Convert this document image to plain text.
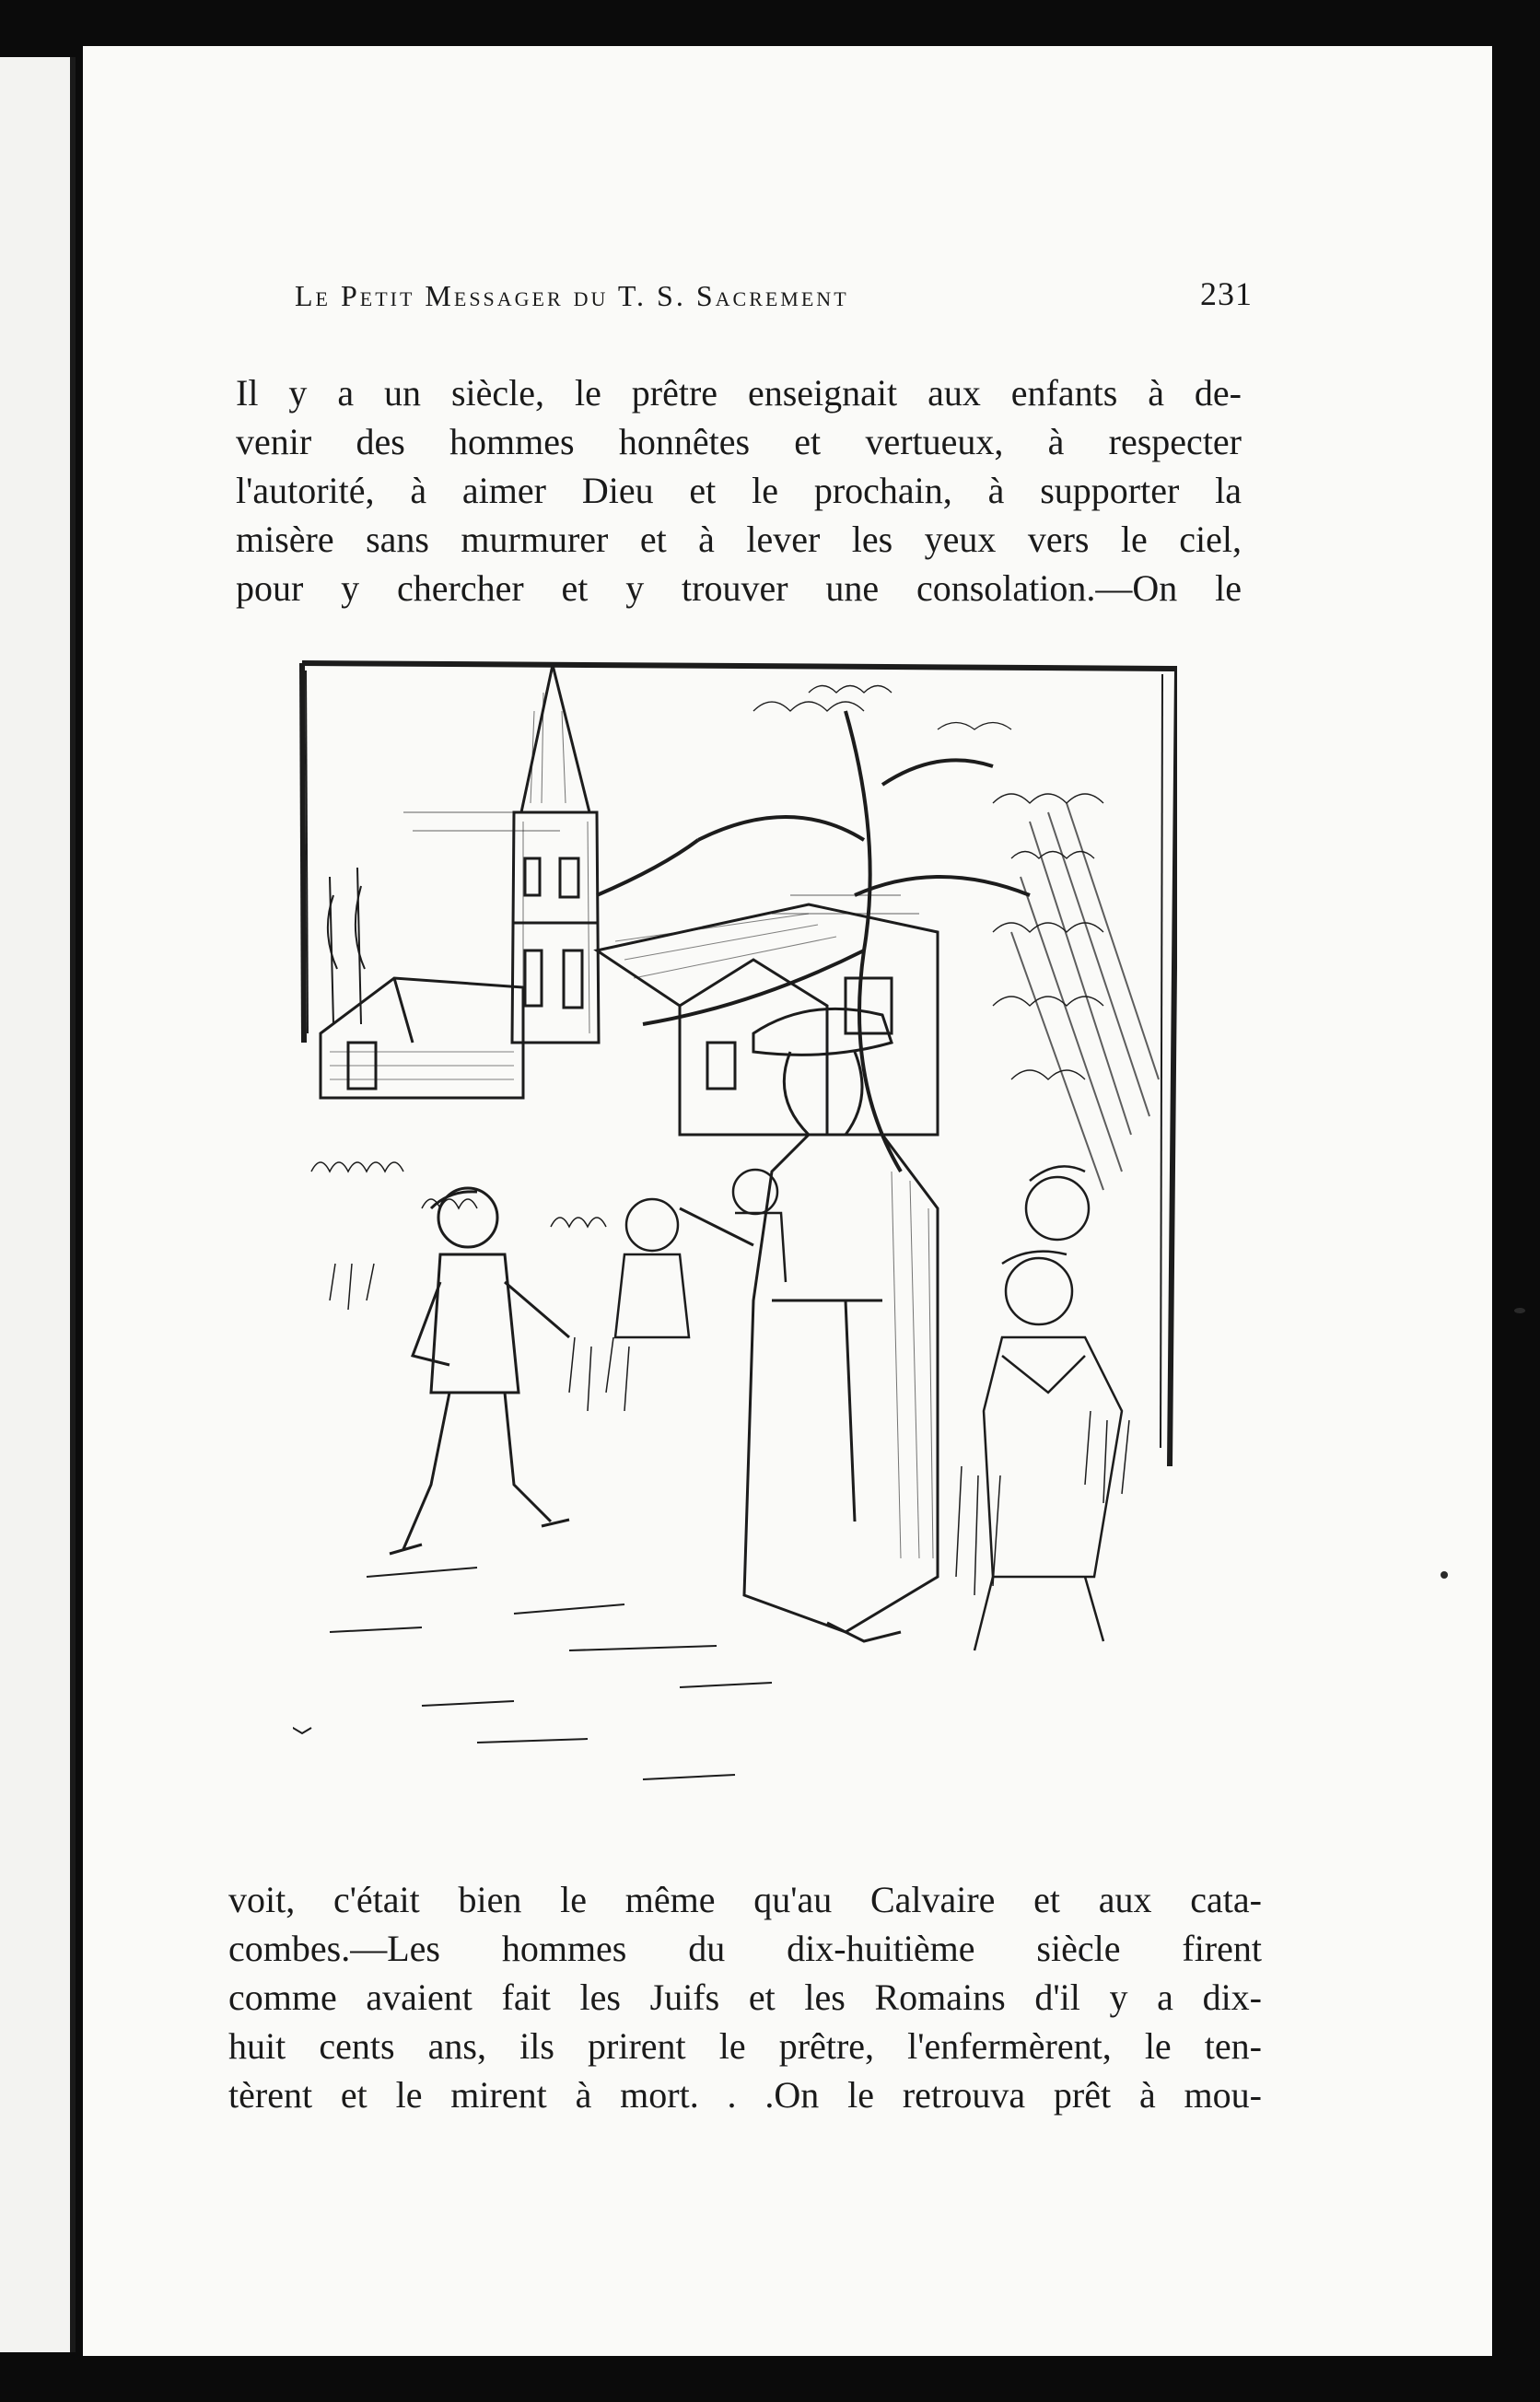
Le Petit Messager du T. S. Sacrement	231
Il y a un siècle, le prêtre enseignait aux enfants à de-
venir des hommes honnêtes et vertueux, à respecter
l'autorité, à aimer Dieu et le prochain, à supporter la
misère sans murmurer et à lever les yeux vers le ciel,
pour y chercher et y trouver une consolation.—On le
voit, c'était bien le même qu'au Calvaire et aux cata-
combes.—Les hommes du dix-huitième siècle firent
comme avaient fait les Juifs et les Romains d'il y a dix-
huit cents ans, ils prirent le prêtre, l'enfermèrent, le ten-
tèrent et le mirent à mort. . .On le retrouva prêt à mou-
